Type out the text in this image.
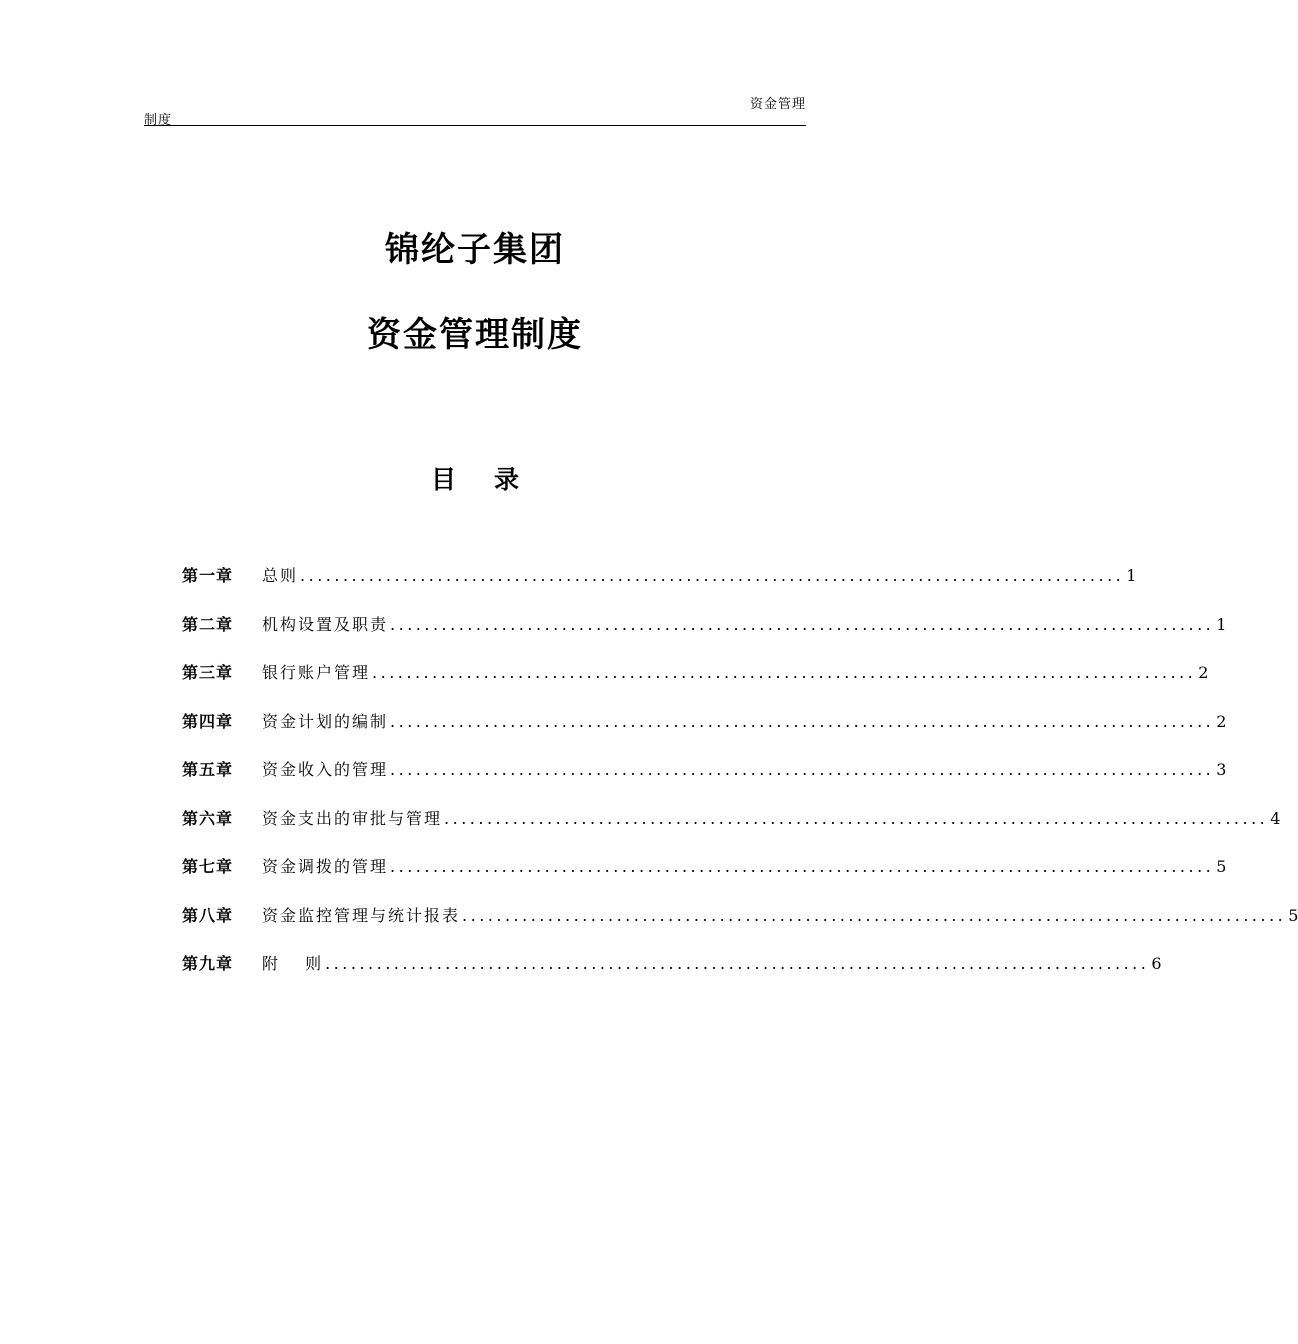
资金管理
制度
锦纶子集团
资金管理制度
目 录
第一章	总则 ................................................................................................ 1
第二章	机构设置及职责 ................................................................................................ 1
第三章	银行账户管理 ................................................................................................ 2
第四章	资金计划的编制 ................................................................................................ 2
第五章	资金收入的管理 ................................................................................................ 3
第六章	资金支出的审批与管理 ................................................................................................ 4
第七章	资金调拨的管理 ................................................................................................ 5
第八章	资金监控管理与统计报表 ................................................................................................ 5
第九章	附　 则 ................................................................................................ 6
